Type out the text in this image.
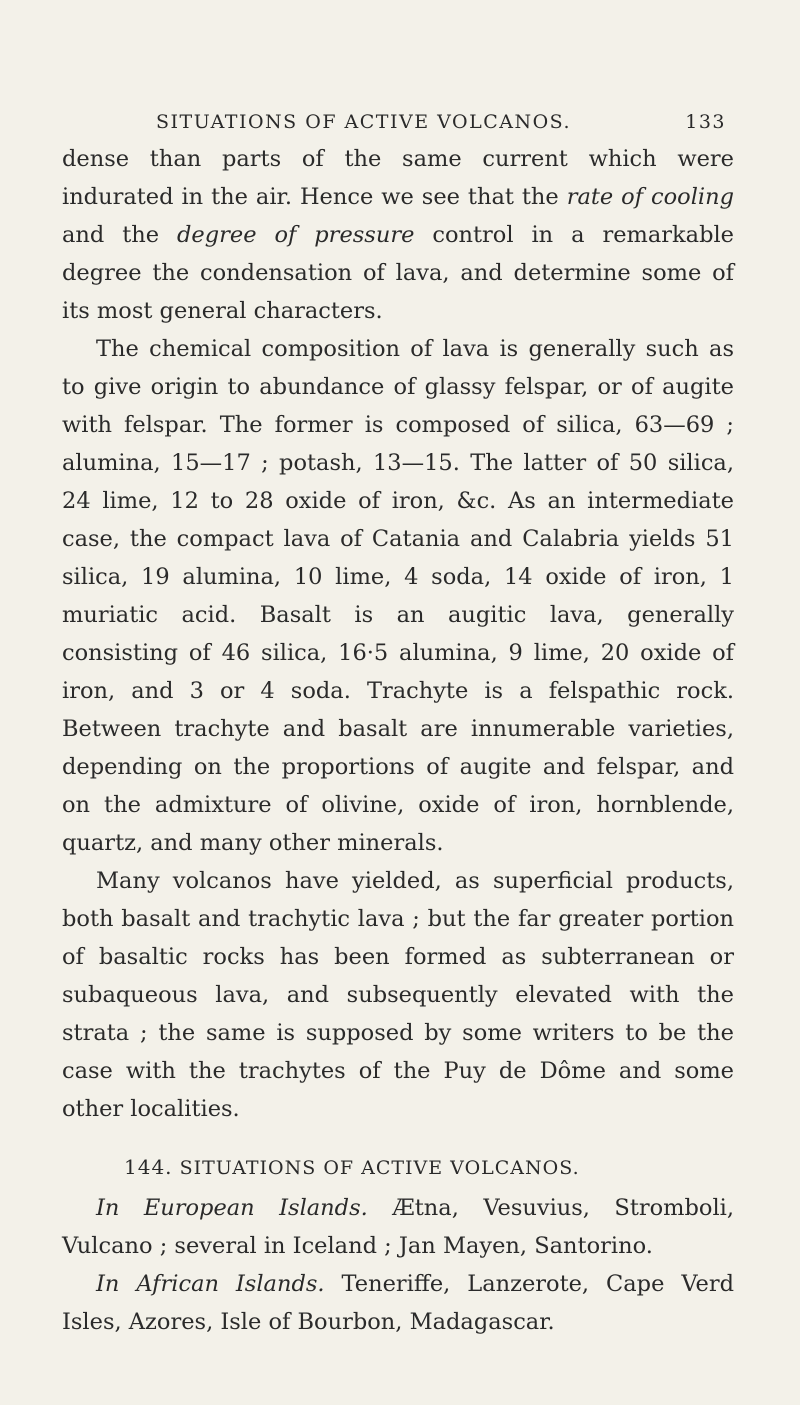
SITUATIONS OF ACTIVE VOLCANOS.	133

dense than parts of the same current which were indurated in the air. Hence we see that the rate of cooling and the degree of pressure control in a remarkable degree the condensation of lava, and determine some of its most general characters.

The chemical composition of lava is generally such as to give origin to abundance of glassy felspar, or of augite with felspar. The former is composed of silica, 63—69 ; alumina, 15—17 ; potash, 13—15. The latter of 50 silica, 24 lime, 12 to 28 oxide of iron, &c. As an intermediate case, the compact lava of Catania and Calabria yields 51 silica, 19 alumina, 10 lime, 4 soda, 14 oxide of iron, 1 muriatic acid. Basalt is an augitic lava, generally consisting of 46 silica, 16·5 alumina, 9 lime, 20 oxide of iron, and 3 or 4 soda. Trachyte is a felspathic rock. Between trachyte and basalt are innumerable varieties, depending on the proportions of augite and felspar, and on the admixture of olivine, oxide of iron, hornblende, quartz, and many other minerals.

Many volcanos have yielded, as superficial products, both basalt and trachytic lava ; but the far greater portion of basaltic rocks has been formed as subterranean or subaqueous lava, and subsequently elevated with the strata ; the same is supposed by some writers to be the case with the trachytes of the Puy de Dôme and some other localities.

144. SITUATIONS OF ACTIVE VOLCANOS.

In European Islands. Ætna, Vesuvius, Stromboli, Vulcano ; several in Iceland ; Jan Mayen, Santorino.

In African Islands. Teneriffe, Lanzerote, Cape Verd Isles, Azores, Isle of Bourbon, Madagascar.
